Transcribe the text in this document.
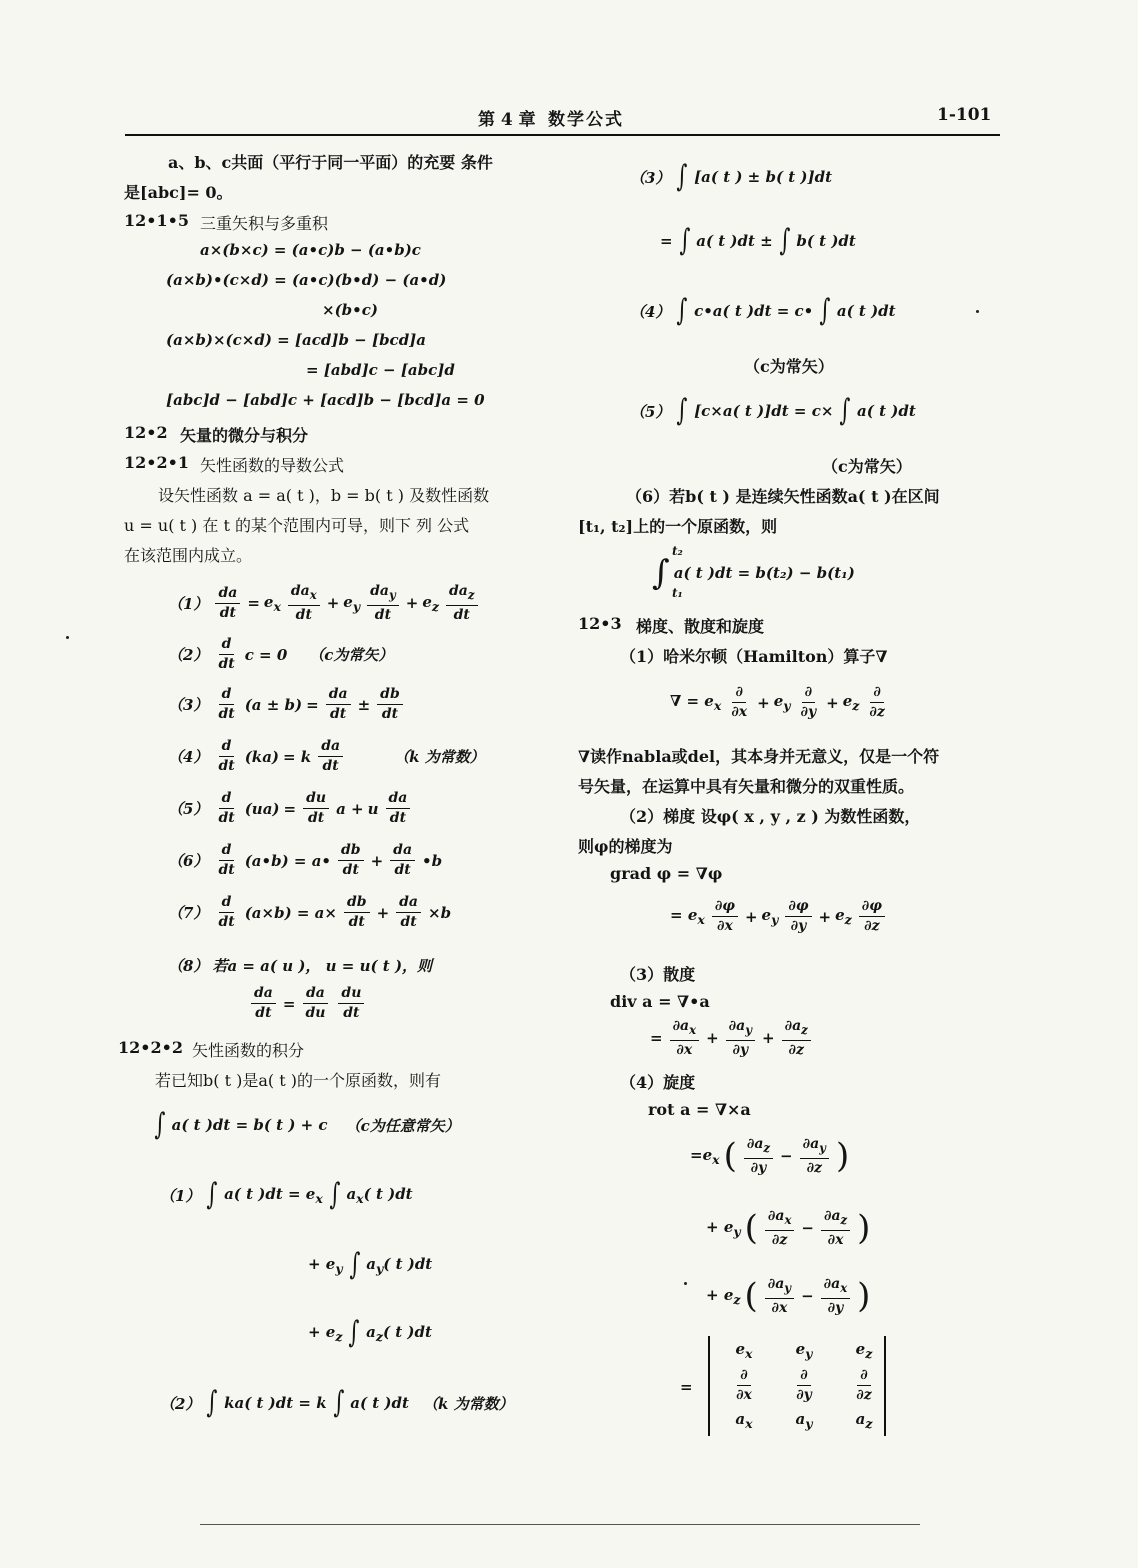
第 4 章 数学公式	1-101
a、b、c共面（平行于同一平面）的充要 条件
是[abc]= 0。
12•1•5 三重矢积与多重积
a×(b×c) = (a•c)b − (a•b)c
(a×b)•(c×d) = (a•c)(b•d) − (a•d)
×(b•c)
(a×b)×(c×d) = [acd]b − [bcd]a
= [abd]c − [abc]d
[abc]d − [abd]c + [acd]b − [bcd]a = 0
12•2 矢量的微分与积分
12•2•1 矢性函数的导数公式
设矢性函数 a = a( t )，b = b( t ) 及数性函数
u = u( t ) 在 t 的某个范围内可导，则下 列 公式
在该范围内成立。
$(1) \frac{da}{dt} = e_x \frac{da_x}{dt} + e_y \frac{da_y}{dt} + e_z \frac{da_z}{dt}$
$(2) \frac{d}{dt}$ c = 0 （c为常矢）
$(3) \frac{d}{dt} (a \pm b) = \frac{da}{dt} \pm \frac{db}{dt}$
$(4) \frac{d}{dt} (ka) = k \frac{da}{dt}$	（k 为常数）
$(5) \frac{d}{dt} (ua) = \frac{du}{dt}$ a + u $\frac{da}{dt}$
$(6) \frac{d}{dt}$ (a•b) = a• $\frac{db}{dt} + \frac{da}{dt}$ •b
$(7) \frac{d}{dt} (a\times b) = a\times \frac{db}{dt} + \frac{da}{dt} \times b$
（8） 若a = a( u )， u = u( t )，则
$\frac{da}{dt} = \frac{da}{du} \frac{du}{dt}$
12•2•2 矢性函数的积分
若已知b( t )是a( t )的一个原函数，则有
∫ a( t )dt = b( t ) + c （c为任意常矢）
（1） ∫ a( t )$dt = e_x$ ∫ $a_x$( t )dt
+ $e_y$ ∫ $a_y$( t )dt
+ $e_z$ ∫ $a_z$( t )dt
（2） ∫ ka( t )dt = k ∫ a( t )dt （k 为常数）
（3） ∫ [a( t ) ± b( t )]dt
= ∫ a( t )dt ± ∫ b( t )dt
（4） ∫ c•a( t )dt = c• ∫ a( t )dt
（c为常矢）
（5） ∫ [c×a( t )]dt = c× ∫ a( t )dt
（c为常矢）
（6）若b( t ) 是连续矢性函数a( t )在区间
[t₁, t₂]上的一个原函数，则
∫ a( t )dt = b(t₂) − b(t₁)
t₂
t₁
12•3 梯度、散度和旋度
（1）哈米尔顿（Hamilton）算子∇
∇ = $e_x \frac{\partial}{\partial x} + e_y \frac{\partial}{\partial y} + e_z \frac{\partial}{\partial z}$
∇读作nabla或del，其本身并无意义，仅是一个符
号矢量，在运算中具有矢量和微分的双重性质。
（2）梯度 设φ( x , y , z ) 为数性函数，
则φ的梯度为
grad φ = ∇φ
= $e_x \frac{\partial\varphi}{\partial x} + e_y \frac{\partial\varphi}{\partial y} + e_z \frac{\partial\varphi}{\partial z}$
（3）散度
div a = ∇•a
= $\frac{\partial a_x}{\partial x} + \frac{\partial a_y}{\partial y} + \frac{\partial a_z}{\partial z}$
（4）旋度
rot a = ∇×a
$=e_x$ ( $\frac{\partial a_z}{\partial y} - \frac{\partial a_y}{\partial z}$ )
+ $e_y$ ( $\frac{\partial a_x}{\partial z} - \frac{\partial a_z}{\partial x}$ )
+ $e_z$ ( $\frac{\partial a_y}{\partial x} - \frac{\partial a_x}{\partial y}$ )
=
$e_x$	$e_y$	$e_z$
$\frac{\partial}{\partial x} \frac{\partial}{\partial y} \frac{\partial}{\partial z}$
$a_x$	$a_y$	$a_z$
